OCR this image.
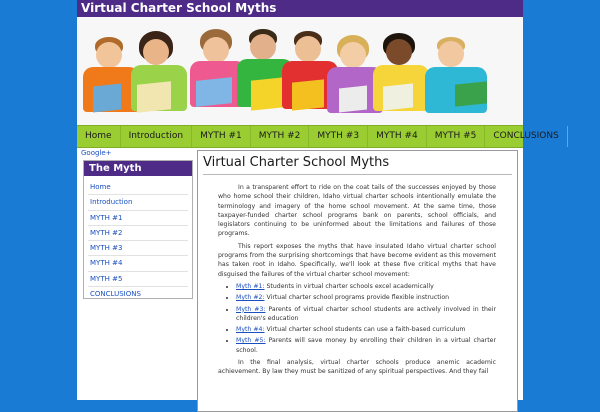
Virtual Charter School Myths
Home	Introduction	MYTH #1	MYTH #2	MYTH #3	MYTH #4	MYTH #5	CONCLUSIONS
Google+
The Myth
Home
Introduction
MYTH #1
MYTH #2
MYTH #3
MYTH #4
MYTH #5
CONCLUSIONS
Virtual Charter School Myths

In a transparent effort to ride on the coat tails of the successes enjoyed by those who home school their children, Idaho virtual charter schools intentionally emulate the terminology and imagery of the home school movement. At the same time, those taxpayer-funded charter school programs bank on parents, school officials, and legislators continuing to be uninformed about the limitations and failures of those programs.

This report exposes the myths that have insulated Idaho virtual charter school programs from the surprising shortcomings that have become evident as this movement has taken root in Idaho. Specifically, we'll look at these five critical myths that have disguised the failures of the virtual charter school movement:

• Myth #1: Students in virtual charter schools excel academically
• Myth #2: Virtual charter school programs provide flexible instruction
• Myth #3: Parents of virtual charter school students are actively involved in their children's education
• Myth #4: Virtual charter school students can use a faith-based curriculum
• Myth #5: Parents will save money by enrolling their children in a virtual charter school.

In the final analysis, virtual charter schools produce anemic academic achievement. By law they must be sanitized of any spiritual perspectives. And they fail
